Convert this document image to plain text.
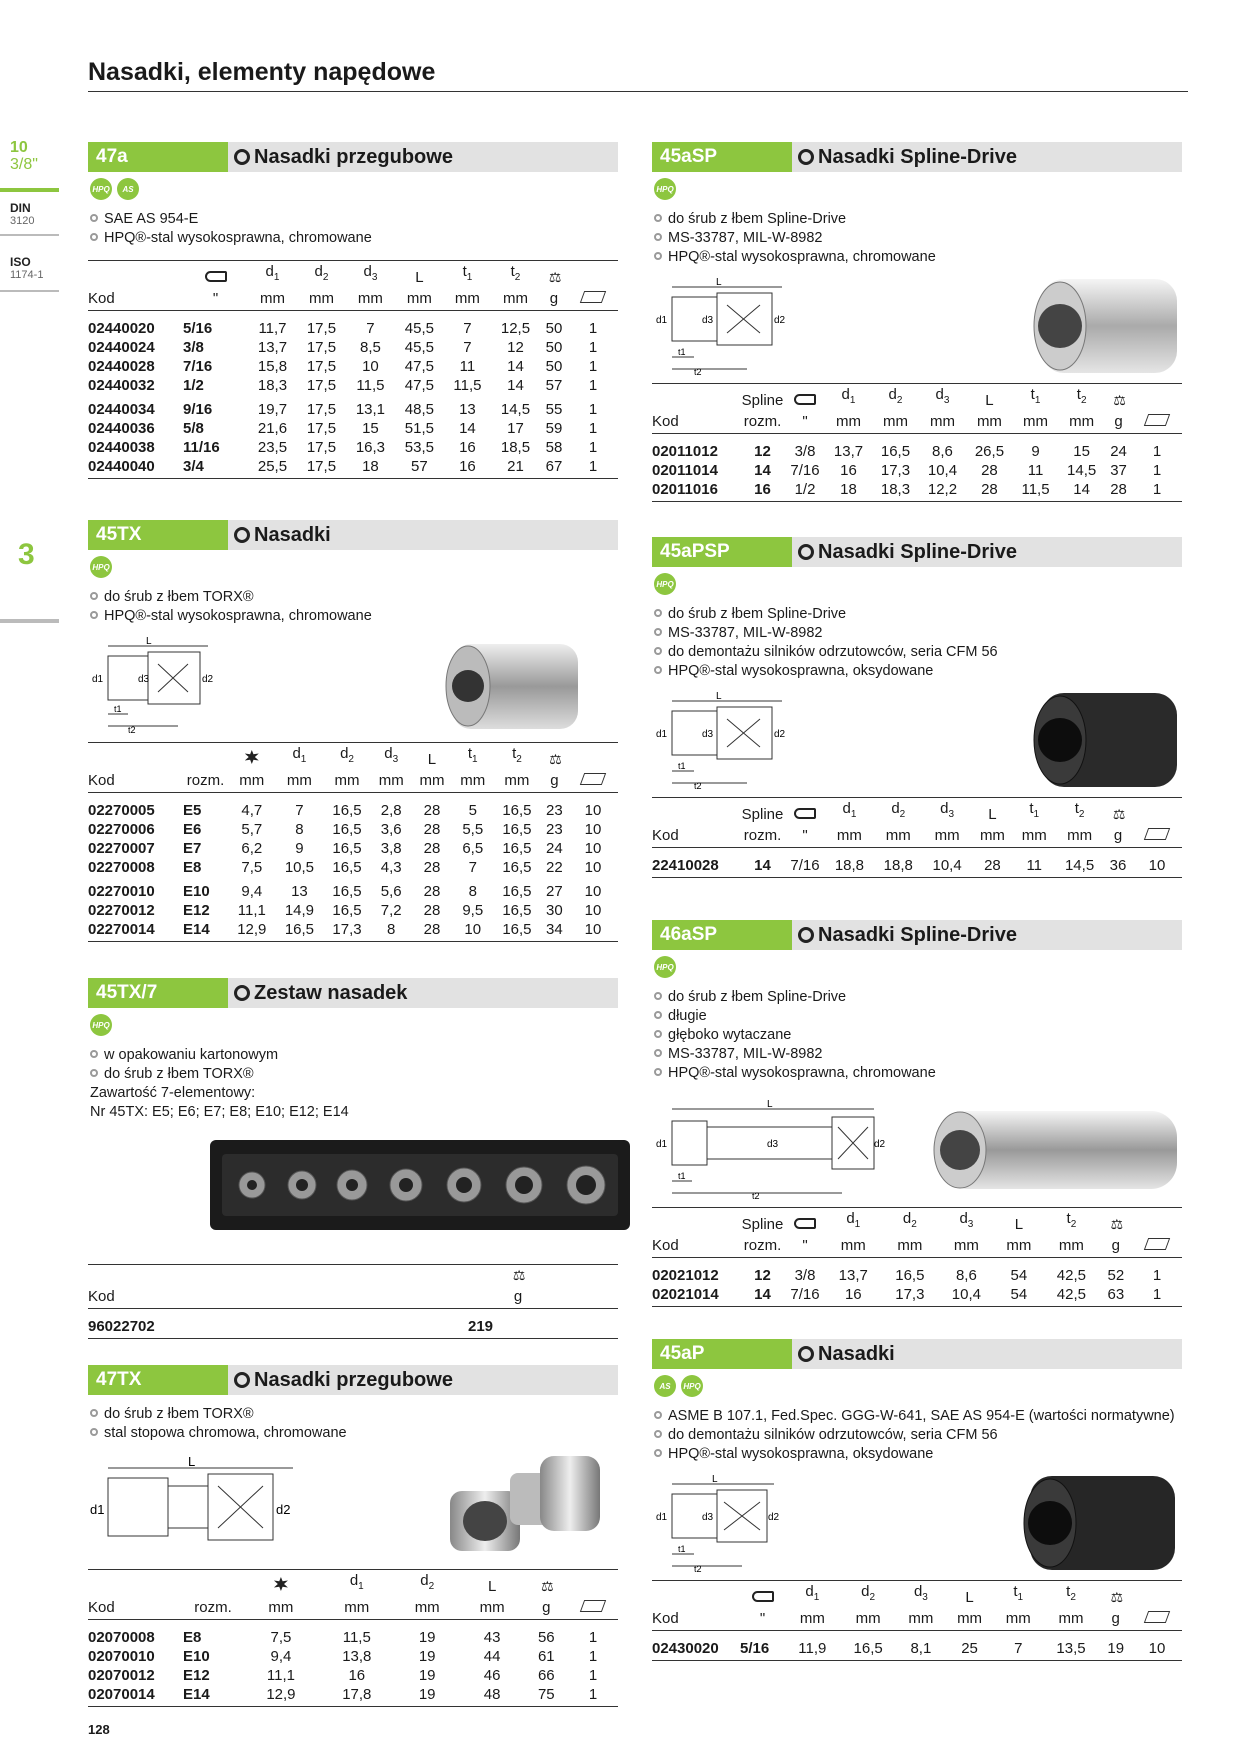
Nasadki, elementy napędowe
10
3/8"
DIN
3120
ISO
1174-1
3
47a	Nasadki przegubowe
HPQ	AS
SAE AS 954-E
HPQ®-stal wysokosprawna, chromowane
		$d_1$	$d_2$	$d_3$	L	$t_1$	$t_2$	⚖	
Kod	"	mm	mm	mm	mm	mm	mm	g	
02440020	5/16	11,7	17,5	7	45,5	7	12,5	50	1
02440024	3/8	13,7	17,5	8,5	45,5	7	12	50	1
02440028	7/16	15,8	17,5	10	47,5	11	14	50	1
02440032	1/2	18,3	17,5	11,5	47,5	11,5	14	57	1
02440034	9/16	19,7	17,5	13,1	48,5	13	14,5	55	1
02440036	5/8	21,6	17,5	15	51,5	14	17	59	1
02440038	11/16	23,5	17,5	16,3	53,5	16	18,5	58	1
02440040	3/4	25,5	17,5	18	57	16	21	67	1
45TX	Nasadki
HPQ
do śrub z łbem TORX®
HPQ®-stal wysokosprawna, chromowane
L
d1	d3	d2
t1
t2
			$d_1$	$d_2$	$d_3$	L	$t_1$	$t_2$	⚖	
Kod	rozm.	mm	mm	mm	mm	mm	mm	mm	g	
02270005	E5	4,7	7	16,5	2,8	28	5	16,5	23	10
02270006	E6	5,7	8	16,5	3,6	28	5,5	16,5	23	10
02270007	E7	6,2	9	16,5	3,8	28	6,5	16,5	24	10
02270008	E8	7,5	10,5	16,5	4,3	28	7	16,5	22	10
02270010	E10	9,4	13	16,5	5,6	28	8	16,5	27	10
02270012	E12	11,1	14,9	16,5	7,2	28	9,5	16,5	30	10
02270014	E14	12,9	16,5	17,3	8	28	10	16,5	34	10
45TX/7	Zestaw nasadek
HPQ
w opakowaniu kartonowym
do śrub z łbem TORX®
Zawartość 7-elementowy:
Nr 45TX: E5; E6; E7; E8; E10; E12; E14
	⚖	
Kod	g	
96022702	219	
47TX	Nasadki przegubowe
do śrub z łbem TORX®
stal stopowa chromowa, chromowane
L
d1	d2
			$d_1$	$d_2$	L	⚖	
Kod	rozm.	mm	mm	mm	mm	g	
02070008	E8	7,5	11,5	19	43	56	1
02070010	E10	9,4	13,8	19	44	61	1
02070012	E12	11,1	16	19	46	66	1
02070014	E14	12,9	17,8	19	48	75	1
45aSP	Nasadki Spline-Drive
HPQ
do śrub z łbem Spline-Drive
MS-33787, MIL-W-8982
HPQ®-stal wysokosprawna, chromowane
L
d1	d3	d2
t1
t2
	Spline		$d_1$	$d_2$	$d_3$	L	$t_1$	$t_2$	⚖	
Kod	rozm.	"	mm	mm	mm	mm	mm	mm	g	
02011012	12	3/8	13,7	16,5	8,6	26,5	9	15	24	1
02011014	14	7/16	16	17,3	10,4	28	11	14,5	37	1
02011016	16	1/2	18	18,3	12,2	28	11,5	14	28	1
45aPSP	Nasadki Spline-Drive
HPQ
do śrub z łbem Spline-Drive
MS-33787, MIL-W-8982
do demontażu silników odrzutowców, seria CFM 56
HPQ®-stal wysokosprawna, oksydowane
L
d1	d3	d2
t1
t2
	Spline		$d_1$	$d_2$	$d_3$	L	$t_1$	$t_2$	⚖	
Kod	rozm.	"	mm	mm	mm	mm	mm	mm	g	
22410028	14	7/16	18,8	18,8	10,4	28	11	14,5	36	10
46aSP	Nasadki Spline-Drive
HPQ
do śrub z łbem Spline-Drive
długie
głęboko wytaczane
MS-33787, MIL-W-8982
HPQ®-stal wysokosprawna, chromowane
L
d1	d3	d2
t1
t2
	Spline		$d_1$	$d_2$	$d_3$	L	$t_2$	⚖	
Kod	rozm.	"	mm	mm	mm	mm	mm	g	
02021012	12	3/8	13,7	16,5	8,6	54	42,5	52	1
02021014	14	7/16	16	17,3	10,4	54	42,5	63	1
45aP	Nasadki
AS	HPQ
ASME B 107.1, Fed.Spec. GGG-W-641, SAE AS 954-E (wartości normatywne)
do demontażu silników odrzutowców, seria CFM 56
HPQ®-stal wysokosprawna, oksydowane
L
d1	d3	d2
t1
t2
		$d_1$	$d_2$	$d_3$	L	$t_1$	$t_2$	⚖	
Kod	"	mm	mm	mm	mm	mm	mm	g	
02430020	5/16	11,9	16,5	8,1	25	7	13,5	19	10
128
